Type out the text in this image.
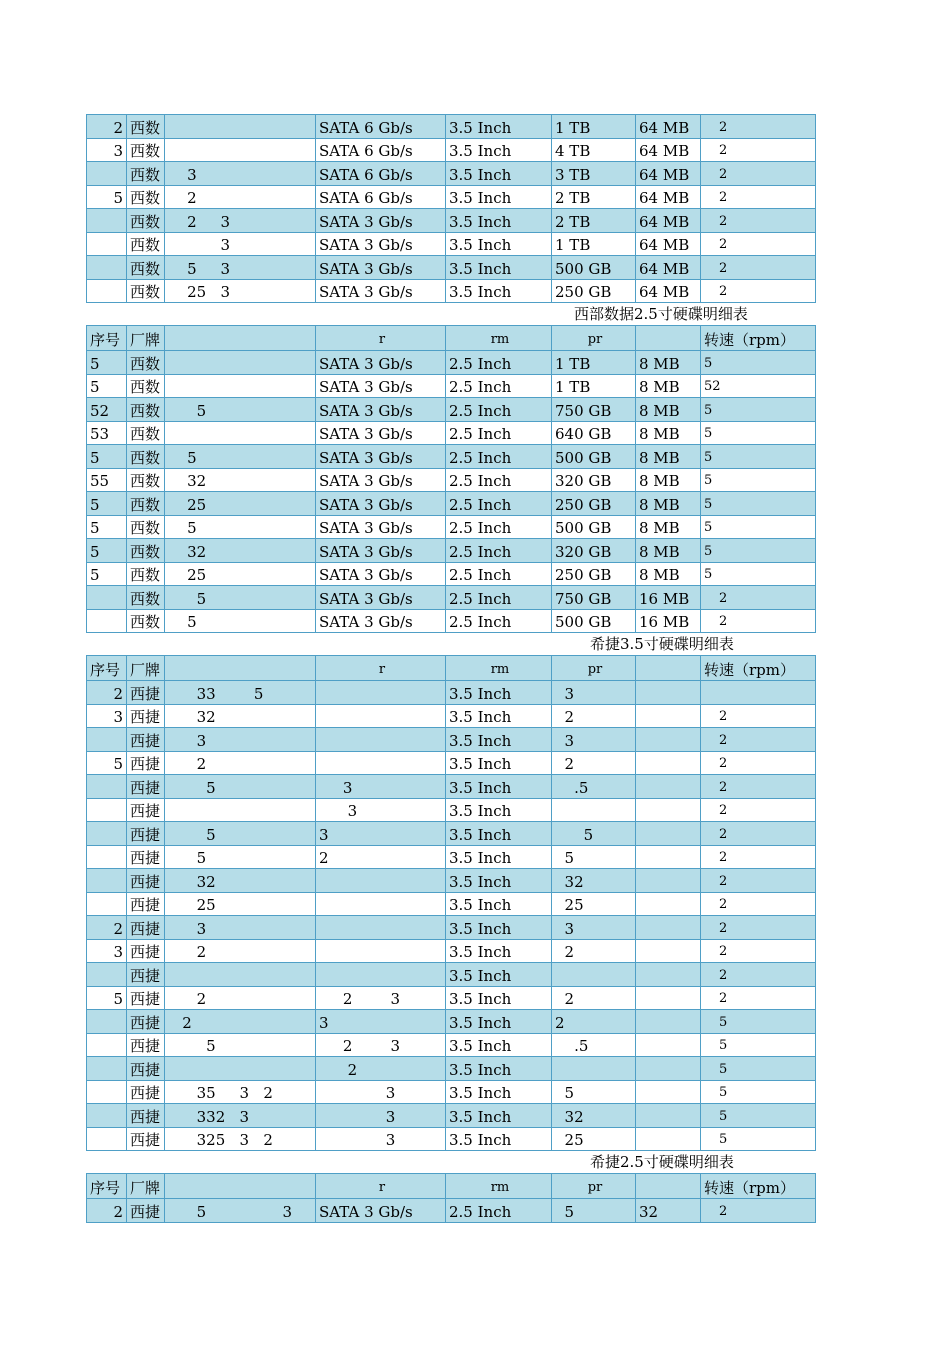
2	西数		SATA 6 Gb/s	3.5 Inch	1 TB	64 MB	2
3	西数		SATA 6 Gb/s	3.5 Inch	4 TB	64 MB	2
	西数	3	SATA 6 Gb/s	3.5 Inch	3 TB	64 MB	2
5	西数	2	SATA 6 Gb/s	3.5 Inch	2 TB	64 MB	2
	西数	2     3	SATA 3 Gb/s	3.5 Inch	2 TB	64 MB	2
	西数	3	SATA 3 Gb/s	3.5 Inch	1 TB	64 MB	2
	西数	5     3	SATA 3 Gb/s	3.5 Inch	500 GB	64 MB	2
	西数	25   3	SATA 3 Gb/s	3.5 Inch	250 GB	64 MB	2
西部数据2.5寸硬碟明细表
序号	厂牌		r	rm	pr		转速（rpm）
5	西数		SATA 3 Gb/s	2.5 Inch	1 TB	8 MB	5
5	西数		SATA 3 Gb/s	2.5 Inch	1 TB	8 MB	52
52	西数	5	SATA 3 Gb/s	2.5 Inch	750 GB	8 MB	5
53	西数		SATA 3 Gb/s	2.5 Inch	640 GB	8 MB	5
5	西数	5	SATA 3 Gb/s	2.5 Inch	500 GB	8 MB	5
55	西数	32	SATA 3 Gb/s	2.5 Inch	320 GB	8 MB	5
5	西数	25	SATA 3 Gb/s	2.5 Inch	250 GB	8 MB	5
5	西数	5	SATA 3 Gb/s	2.5 Inch	500 GB	8 MB	5
5	西数	32	SATA 3 Gb/s	2.5 Inch	320 GB	8 MB	5
5	西数	25	SATA 3 Gb/s	2.5 Inch	250 GB	8 MB	5
	西数	5	SATA 3 Gb/s	2.5 Inch	750 GB	16 MB	2
	西数	5	SATA 3 Gb/s	2.5 Inch	500 GB	16 MB	2
希捷3.5寸硬碟明细表
序号	厂牌		r	rm	pr		转速（rpm）
2	西捷	33        5		3.5 Inch	3		
3	西捷	32		3.5 Inch	2		2
	西捷	3		3.5 Inch	3		2
5	西捷	2		3.5 Inch	2		2
	西捷	5	3	3.5 Inch	.5		2
	西捷		3	3.5 Inch			2
	西捷	5	3	3.5 Inch	5		2
	西捷	5	2	3.5 Inch	5		2
	西捷	32		3.5 Inch	32		2
	西捷	25		3.5 Inch	25		2
2	西捷	3		3.5 Inch	3		2
3	西捷	2		3.5 Inch	2		2
	西捷			3.5 Inch			2
5	西捷	2	2        3	3.5 Inch	2		2
	西捷	2	3	3.5 Inch	2		5
	西捷	5	2        3	3.5 Inch	.5		5
	西捷		2	3.5 Inch			5
	西捷	35     3   2	3	3.5 Inch	5		5
	西捷	332   3	3	3.5 Inch	32		5
	西捷	325   3   2	3	3.5 Inch	25		5
希捷2.5寸硬碟明细表
序号	厂牌		r	rm	pr		转速（rpm）
2	西捷	5                3	SATA 3 Gb/s	2.5 Inch	5	32	2
